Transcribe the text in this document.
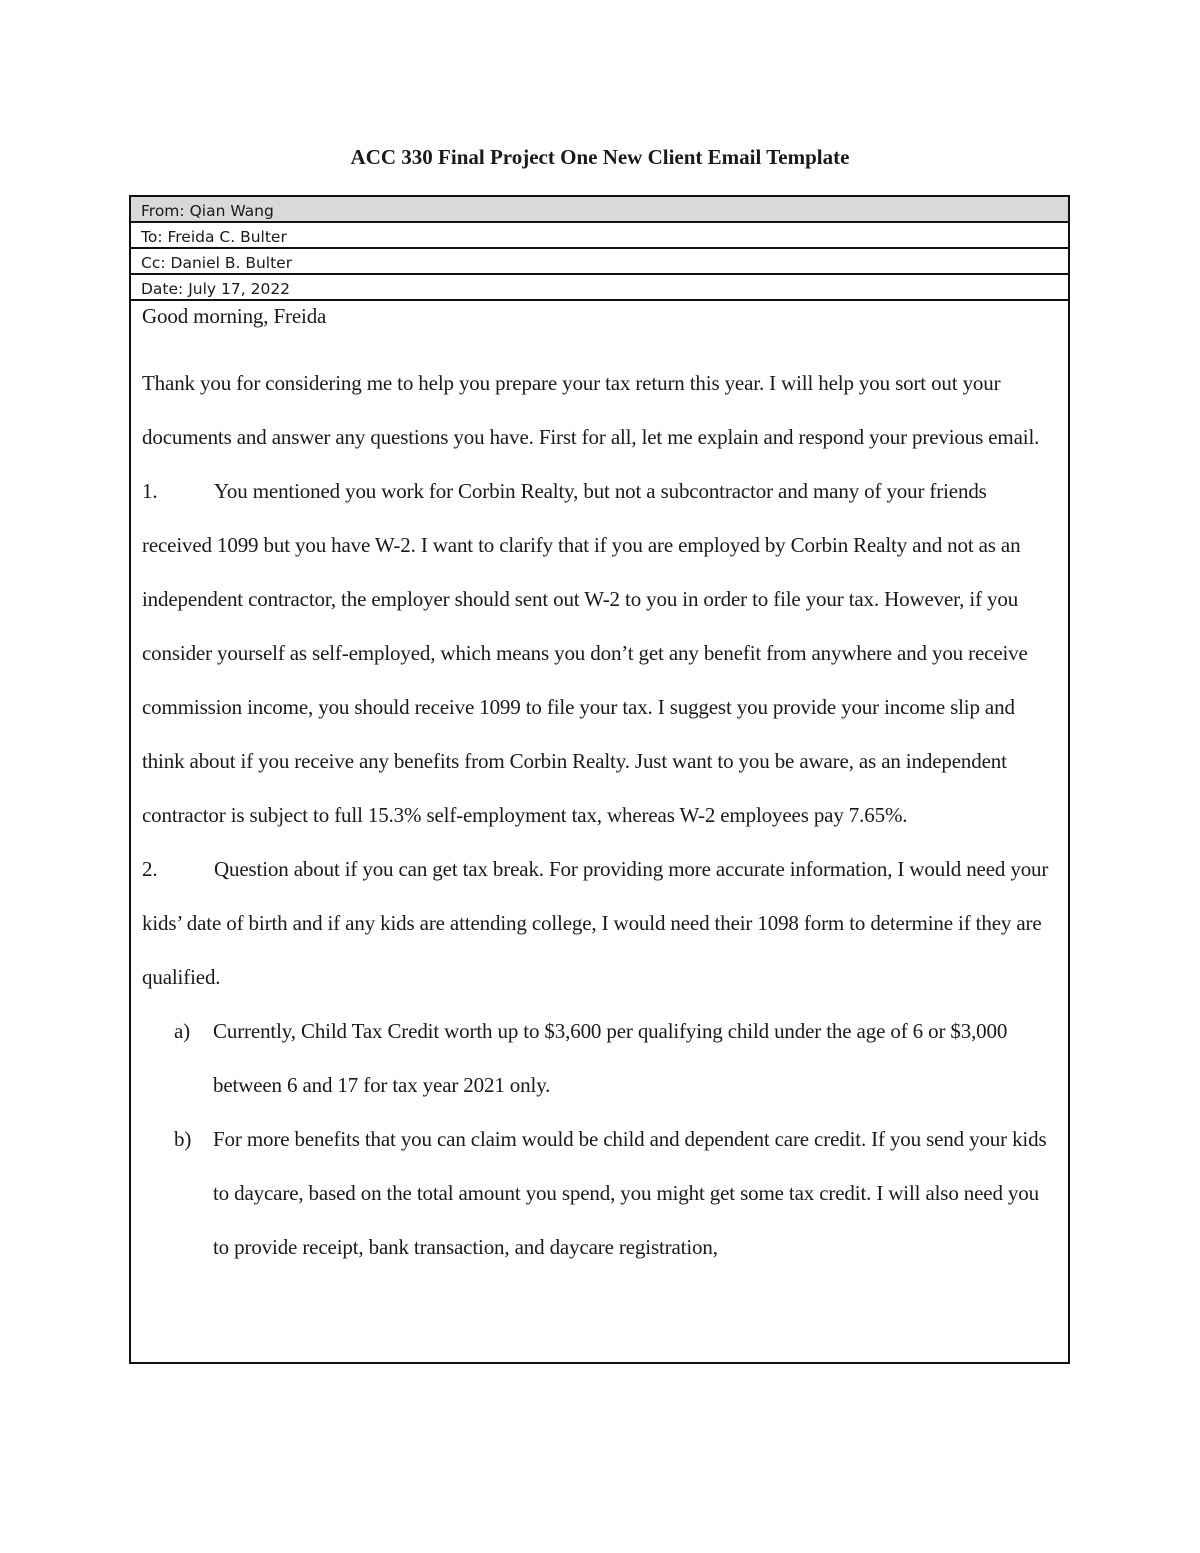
ACC 330 Final Project One New Client Email Template
From: Qian Wang
To: Freida C. Bulter
Cc: Daniel B. Bulter
Date: July 17, 2022
Good morning, Freida

Thank you for considering me to help you prepare your tax return this year. I will help you sort out your documents and answer any questions you have. First for all, let me explain and respond your previous email.

1.	You mentioned you work for Corbin Realty, but not a subcontractor and many of your friends received 1099 but you have W-2. I want to clarify that if you are employed by Corbin Realty and not as an independent contractor, the employer should sent out W-2 to you in order to file your tax. However, if you consider yourself as self-employed, which means you don’t get any benefit from anywhere and you receive commission income, you should receive 1099 to file your tax. I suggest you provide your income slip and think about if you receive any benefits from Corbin Realty. Just want to you be aware, as an independent contractor is subject to full 15.3% self-employment tax, whereas W-2 employees pay 7.65%.

2.	Question about if you can get tax break. For providing more accurate information, I would need your kids’ date of birth and if any kids are attending college, I would need their 1098 form to determine if they are qualified.

a) Currently, Child Tax Credit worth up to $3,600 per qualifying child under the age of 6 or $3,000 between 6 and 17 for tax year 2021 only.
b) For more benefits that you can claim would be child and dependent care credit. If you send your kids to daycare, based on the total amount you spend, you might get some tax credit. I will also need you to provide receipt, bank transaction, and daycare registration,
